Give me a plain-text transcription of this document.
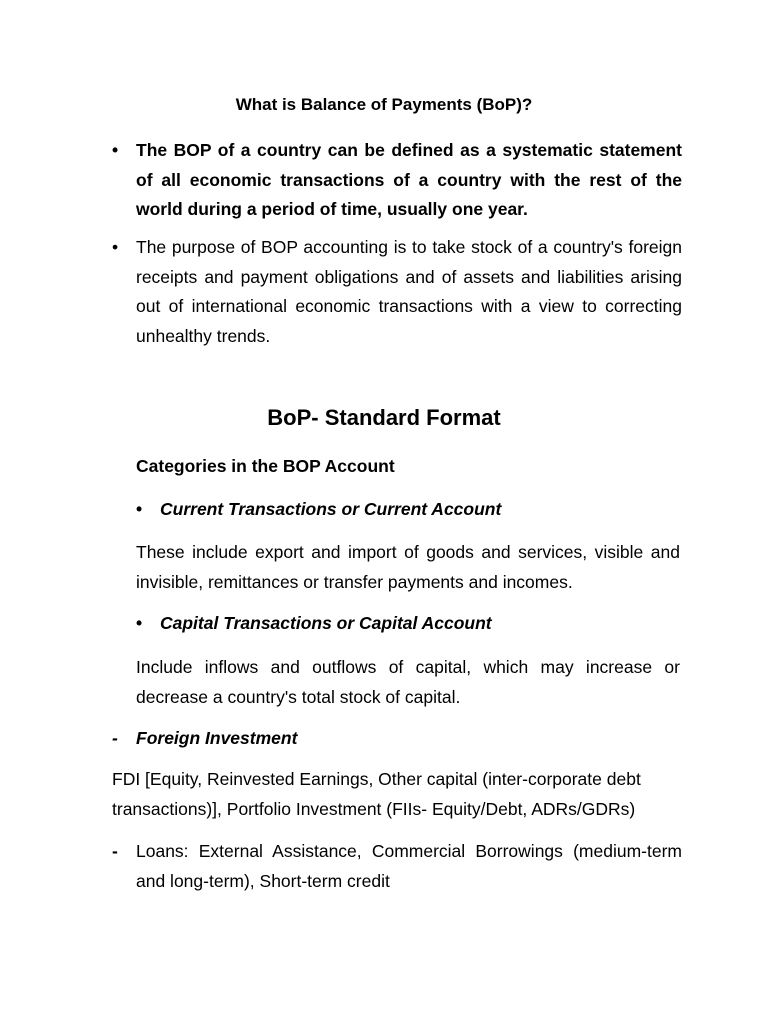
What is Balance of Payments (BoP)?
• The BOP of a country can be defined as a systematic statement of all economic transactions of a country with the rest of the world during a period of time, usually one year.
• The purpose of BOP accounting is to take stock of a country's foreign receipts and payment obligations and of assets and liabilities arising out of international economic transactions with a view to correcting unhealthy trends.
BoP- Standard Format
Categories in the BOP Account
• Current Transactions or Current Account
These include export and import of goods and services, visible and invisible, remittances or transfer payments and incomes.
• Capital Transactions or Capital Account
Include inflows and outflows of capital, which may increase or decrease a country's total stock of capital.
- Foreign Investment
FDI [Equity, Reinvested Earnings, Other capital (inter-corporate debt transactions)], Portfolio Investment (FIIs- Equity/Debt, ADRs/GDRs)
- Loans: External Assistance, Commercial Borrowings (medium-term and long-term), Short-term credit
